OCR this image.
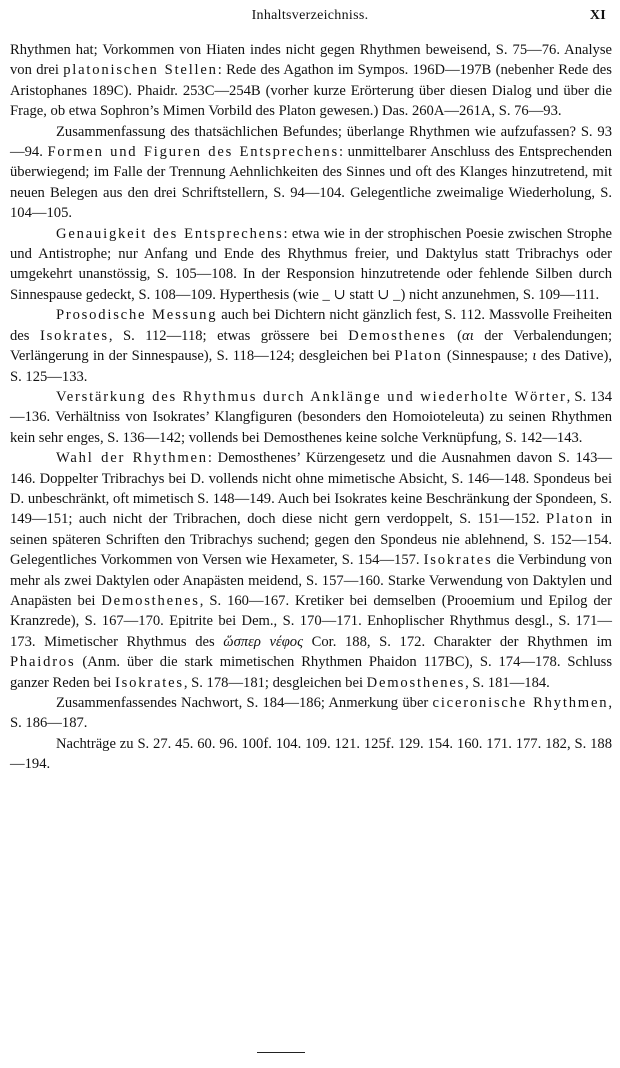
Inhaltsverzeichniss.	XI

Rhythmen hat; Vorkommen von Hiaten indes nicht gegen Rhythmen beweisend, S. 75—76. Analyse von drei platonischen Stellen: Rede des Agathon im Sympos. 196D—197B (nebenher Rede des Aristophanes 189C). Phaidr. 253C—254B (vorher kurze Erörterung über diesen Dialog und über die Frage, ob etwa Sophron’s Mimen Vorbild des Platon gewesen.) Das. 260A—261A, S. 76—93.

Zusammenfassung des thatsächlichen Befundes; überlange Rhythmen wie aufzufassen? S. 93—94. Formen und Figuren des Entsprechens: unmittelbarer Anschluss des Entsprechenden überwiegend; im Falle der Trennung Aehnlichkeiten des Sinnes und oft des Klanges hinzutretend, mit neuen Belegen aus den drei Schriftstellern, S. 94—104. Gelegentliche zweimalige Wiederholung, S. 104—105.

Genauigkeit des Entsprechens: etwa wie in der strophischen Poesie zwischen Strophe und Antistrophe; nur Anfang und Ende des Rhythmus freier, und Daktylus statt Tribrachys oder umgekehrt unanstössig, S. 105—108. In der Responsion hinzutretende oder fehlende Silben durch Sinnespause gedeckt, S. 108—109. Hyperthesis (wie _ ∪ statt ∪ _) nicht anzunehmen, S. 109—111.

Prosodische Messung auch bei Dichtern nicht gänzlich fest, S. 112. Massvolle Freiheiten des Isokrates, S. 112—118; etwas grössere bei Demosthenes (αι der Verbalendungen; Verlängerung in der Sinnespause), S. 118—124; desgleichen bei Platon (Sinnespause; ι des Dative), S. 125—133.

Verstärkung des Rhythmus durch Anklänge und wiederholte Wörter, S. 134—136. Verhältniss von Isokrates’ Klangfiguren (besonders den Homoioteleuta) zu seinen Rhythmen kein sehr enges, S. 136—142; vollends bei Demosthenes keine solche Verknüpfung, S. 142—143.

Wahl der Rhythmen: Demosthenes’ Kürzengesetz und die Ausnahmen davon S. 143—146. Doppelter Tribrachys bei D. vollends nicht ohne mimetische Absicht, S. 146—148. Spondeus bei D. unbeschränkt, oft mimetisch S. 148—149. Auch bei Isokrates keine Beschränkung der Spondeen, S. 149—151; auch nicht der Tribrachen, doch diese nicht gern verdoppelt, S. 151—152. Platon in seinen späteren Schriften den Tribrachys suchend; gegen den Spondeus nie ablehnend, S. 152—154. Gelegentliches Vorkommen von Versen wie Hexameter, S. 154—157. Isokrates die Verbindung von mehr als zwei Daktylen oder Anapästen meidend, S. 157—160. Starke Verwendung von Daktylen und Anapästen bei Demosthenes, S. 160—167. Kretiker bei demselben (Prooemium und Epilog der Kranzrede), S. 167—170. Epitrite bei Dem., S. 170—171. Enhoplischer Rhythmus desgl., S. 171—173. Mimetischer Rhythmus des ὥσπερ νέφος Cor. 188, S. 172. Charakter der Rhythmen im Phaidros (Anm. über die stark mimetischen Rhythmen Phaidon 117BC), S. 174—178. Schluss ganzer Reden bei Isokrates, S. 178—181; desgleichen bei Demosthenes, S. 181—184.

Zusammenfassendes Nachwort, S. 184—186; Anmerkung über ciceronische Rhythmen, S. 186—187.

Nachträge zu S. 27. 45. 60. 96. 100f. 104. 109. 121. 125f. 129. 154. 160. 171. 177. 182, S. 188—194.
